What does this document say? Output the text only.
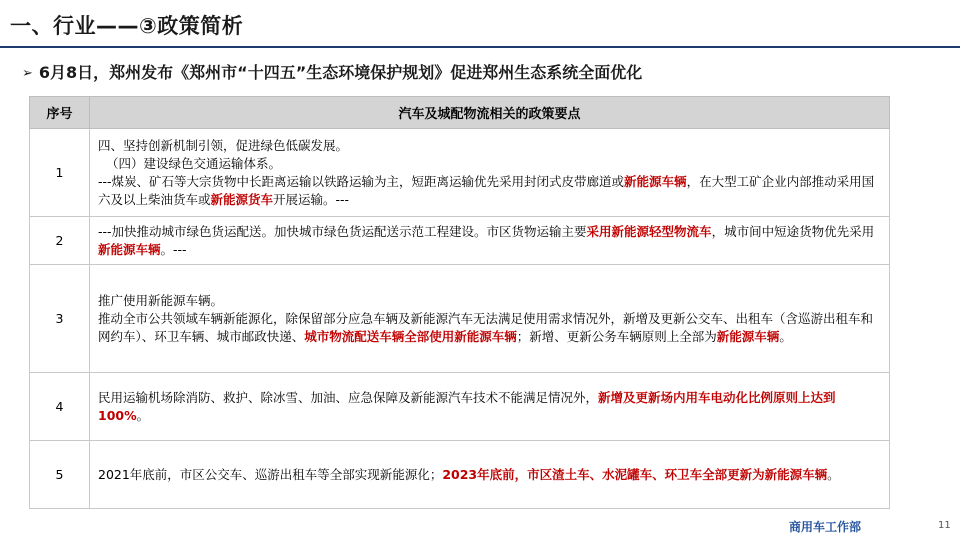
一、行业——③政策简析
➢ 6月8日，郑州发布《郑州市“十四五”生态环境保护规划》促进郑州生态系统全面优化
序号	汽车及城配物流相关的政策要点
1	四、坚持创新机制引领，促进绿色低碳发展。
（四）建设绿色交通运输体系。
---煤炭、矿石等大宗货物中长距离运输以铁路运输为主，短距离运输优先采用封闭式皮带廊道或新能源车辆，在大型工矿企业内部推动采用国六及以上柴油货车或新能源货车开展运输。---

2	---加快推动城市绿色货运配送。加快城市绿色货运配送示范工程建设。市区货物运输主要采用新能源轻型物流车，城市间中短途货物优先采用新能源车辆。---
3	推广使用新能源车辆。
推动全市公共领域车辆新能源化，除保留部分应急车辆及新能源汽车无法满足使用需求情况外，新增及更新公交车、出租车（含巡游出租车和网约车）、环卫车辆、城市邮政快递、城市物流配送车辆全部使用新能源车辆；新增、更新公务车辆原则上全部为新能源车辆。

4	民用运输机场除消防、救护、除冰雪、加油、应急保障及新能源汽车技术不能满足情况外，新增及更新场内用车电动化比例原则上达到100%。
5	2021年底前，市区公交车、巡游出租车等全部实现新能源化；2023年底前，市区渣土车、水泥罐车、环卫车全部更新为新能源车辆。
商用车工作部	11
